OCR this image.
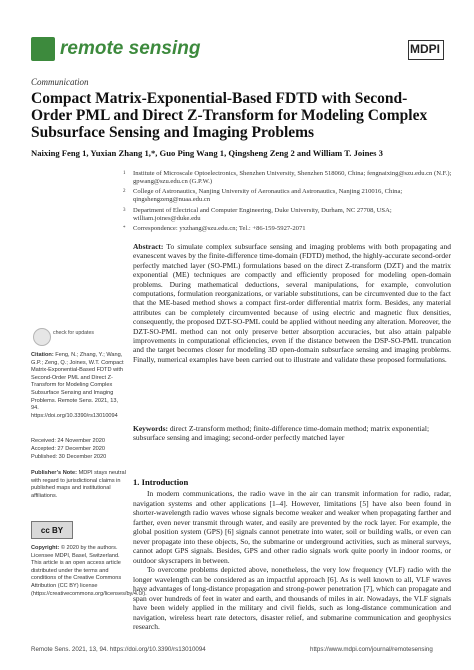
remote sensing	MDPI
Communication
Compact Matrix-Exponential-Based FDTD with Second-Order PML and Direct Z-Transform for Modeling Complex Subsurface Sensing and Imaging Problems
Naixing Feng 1, Yuxian Zhang 1,*, Guo Ping Wang 1, Qingsheng Zeng 2 and William T. Joines 3
1 Institute of Microscale Optoelectronics, Shenzhen University, Shenzhen 518060, China; fengnaixing@szu.edu.cn (N.F.); gpwang@szu.edu.cn (G.P.W.)
2 College of Astronautics, Nanjing University of Aeronautics and Astronautics, Nanjing 210016, China; qingshengzeng@nuaa.edu.cn
3 Department of Electrical and Computer Engineering, Duke University, Durham, NC 27708, USA; william.joines@duke.edu
* Correspondence: yxzhang@szu.edu.cn; Tel.: +86-159-5927-2071

Abstract: To simulate complex subsurface sensing and imaging problems with both propagating and evanescent waves by the finite-difference time-domain (FDTD) method, the highly-accurate second-order perfectly matched layer (SO-PML) formulations based on the direct Z-transform (DZT) and the matrix exponential (ME) techniques are compactly and efficiently proposed for modeling open-domain problems. During mathematical deductions, several manipulations, for example, convolution computations, formulation reorganizations, or variable substitutions, can be circumvented due to the fact that the ME-based method shows a compact first-order differential matrix form. Besides, any material attributes can be completely circumvented because of using electric and magnetic flux densities, consequently, the proposed DZT-SO-PML could be applied without needing any alteration. Moreover, the DZT-SO-PML method can not only preserve better absorption accuracies, but also attain palpable improvements in computational efficiencies, even if the distance between the DSP-SO-PML truncation and the target becomes closer for modeling 3D open-domain subsurface sensing and imaging problems. Finally, numerical examples have been carried out to illustrate and validate these proposed formulations.

Keywords: direct Z-transform method; finite-difference time-domain method; matrix exponential; subsurface sensing and imaging; second-order perfectly matched layer

check for updates
Citation: Feng, N.; Zhang, Y.; Wang, G.P.; Zeng, Q.; Joines, W.T. Compact Matrix-Exponential-Based FDTD with Second-Order PML and Direct Z-Transform for Modeling Complex Subsurface Sensing and Imaging Problems. Remote Sens. 2021, 13, 94. https://doi.org/10.3390/rs13010094
Received: 24 November 2020
Accepted: 27 December 2020
Published: 30 December 2020
Publisher’s Note: MDPI stays neutral with regard to jurisdictional claims in published maps and institutional affiliations.
cc BY
Copyright: © 2020 by the authors. Licensee MDPI, Basel, Switzerland. This article is an open access article distributed under the terms and conditions of the Creative Commons Attribution (CC BY) license (https://creativecommons.org/licenses/by/4.0/).
1. Introduction

In modern communications, the radio wave in the air can transmit information for radio, radar, navigation systems and other applications [1–4]. However, limitations [5] have also been found in shorter-wavelength radio waves whose signals become weaker and weaker when propagating farther and farther, even never transmit through water, and easily are prevented by the rock layer. For example, the global position system (GPS) [6] signals cannot penetrate into water, soil or building walls, or even can never propagate into these objects, So, the submarine or underground activities, such as mineral surveys, cannot adopt GPS signals. Besides, GPS and other radio signals work quite poorly in indoor rooms, or outdoor skyscrapers in between.
To overcome problems depicted above, nonetheless, the very low frequency (VLF) radio with the longer wavelength can be considered as an impactful approach [6]. As is well known to all, VLF waves have advantages of long-distance propagation and strong-power penetration [7], which can propagate and span over hundreds of feet in water and earth, and thousands of miles in air. Nowadays, the VLF signals have been widely applied in the military and civil fields, such as long-distance communication and navigation, wireless heart rate detectors, disaster relief, and submarine communication and geophysics research.

Remote Sens. 2021, 13, 94. https://doi.org/10.3390/rs13010094	https://www.mdpi.com/journal/remotesensing
